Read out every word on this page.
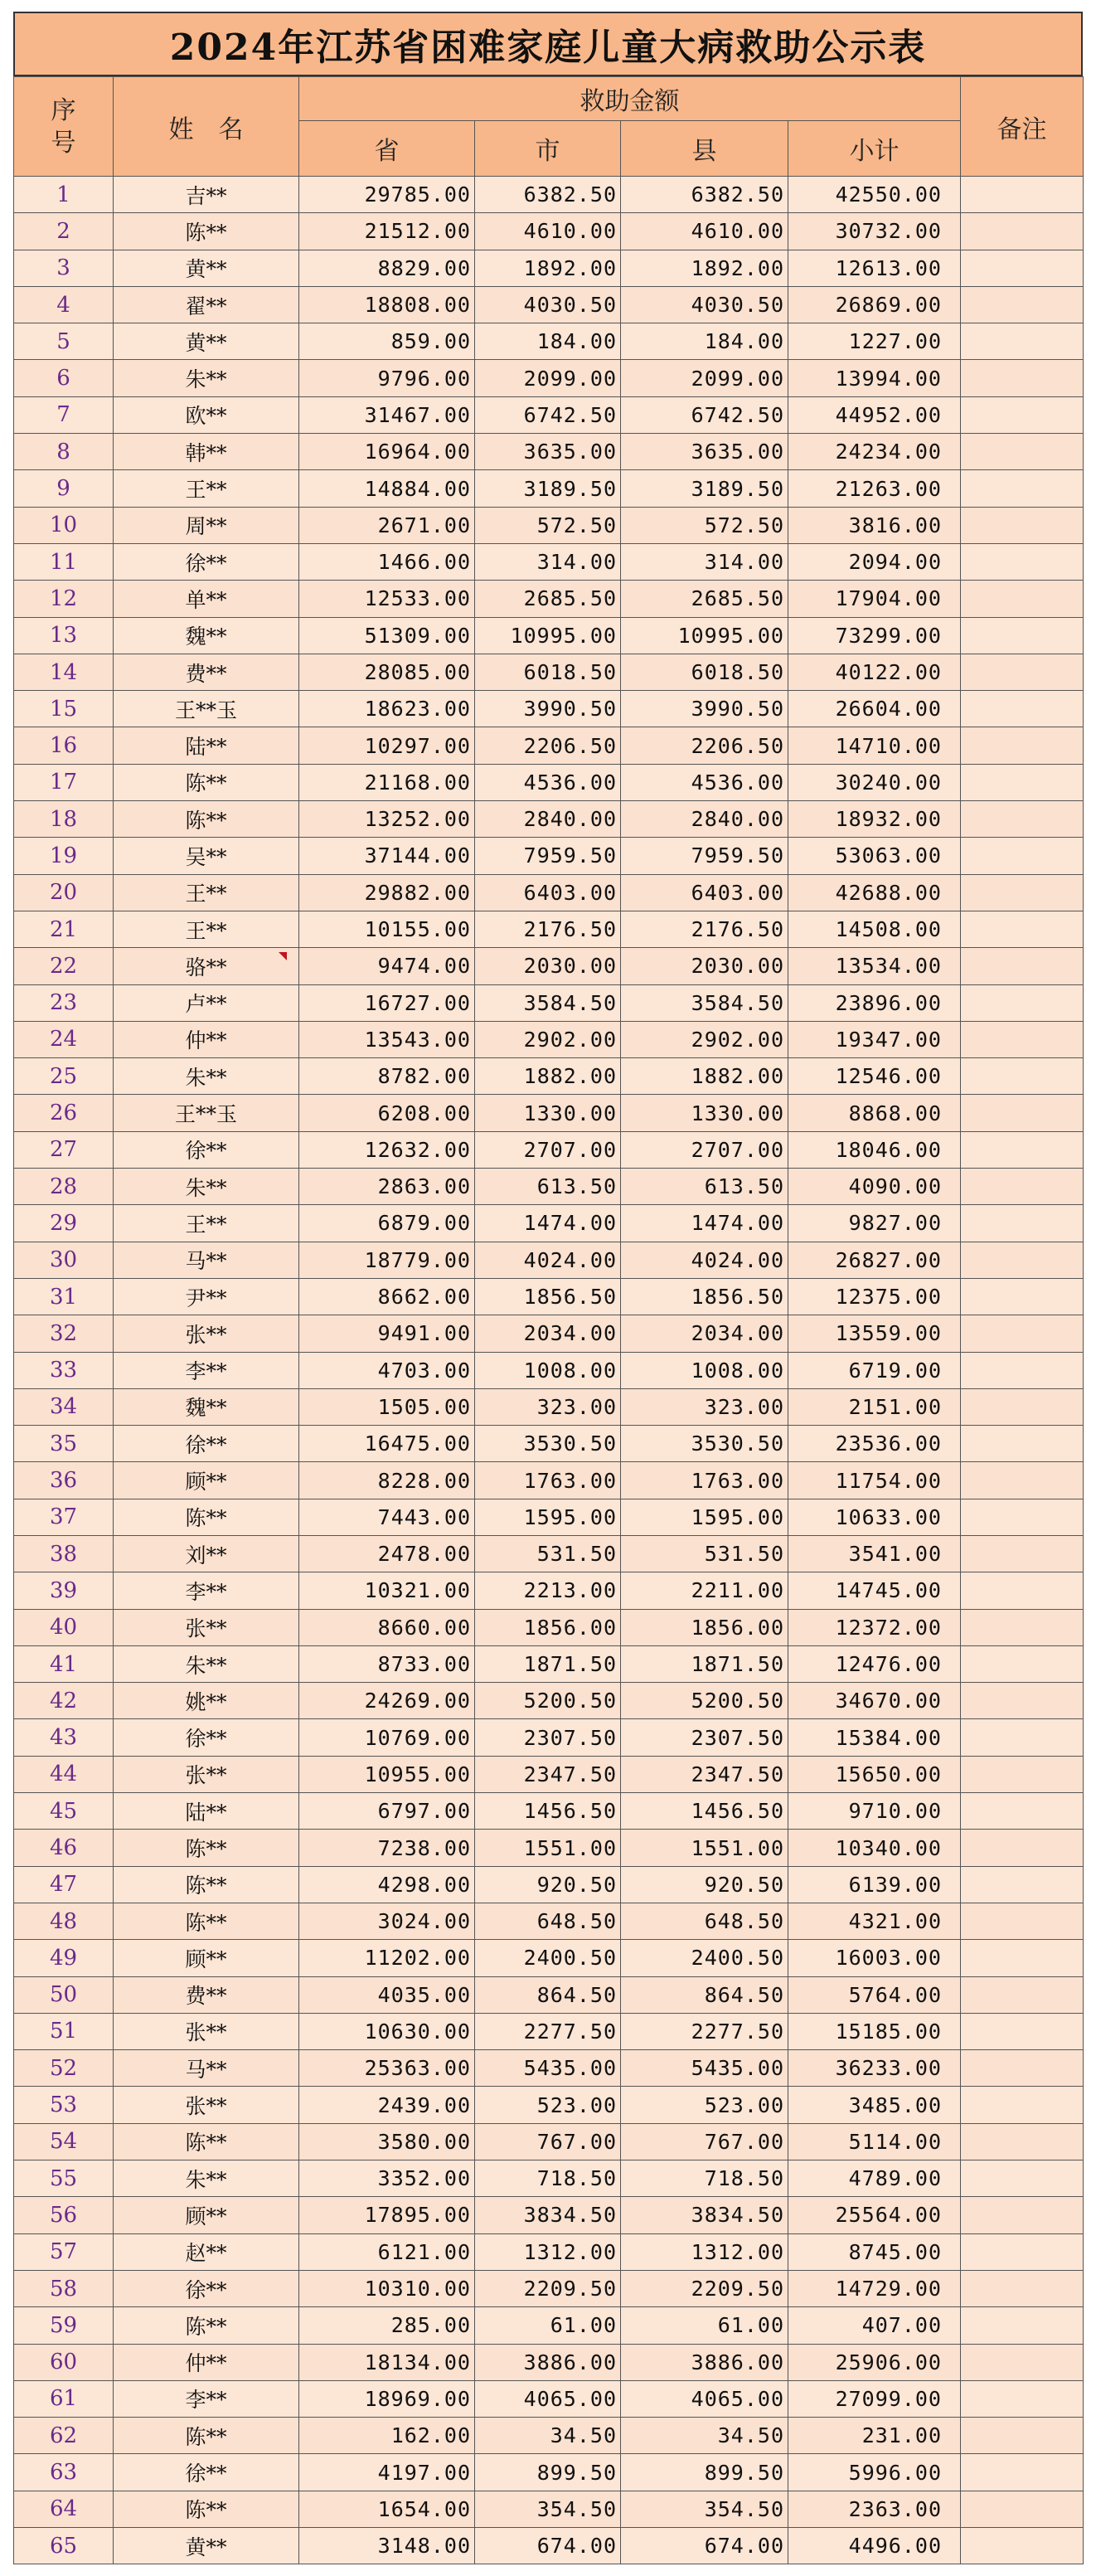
2024年江苏省困难家庭儿童大病救助公示表
序号	姓　名	救助金额				备注
		省	市	县	小计	
1	吉**	29785.00	6382.50	6382.50	42550.00	
2	陈**	21512.00	4610.00	4610.00	30732.00	
3	黄**	8829.00	1892.00	1892.00	12613.00	
4	翟**	18808.00	4030.50	4030.50	26869.00	
5	黄**	859.00	184.00	184.00	1227.00	
6	朱**	9796.00	2099.00	2099.00	13994.00	
7	欧**	31467.00	6742.50	6742.50	44952.00	
8	韩**	16964.00	3635.00	3635.00	24234.00	
9	王**	14884.00	3189.50	3189.50	21263.00	
10	周**	2671.00	572.50	572.50	3816.00	
11	徐**	1466.00	314.00	314.00	2094.00	
12	单**	12533.00	2685.50	2685.50	17904.00	
13	魏**	51309.00	10995.00	10995.00	73299.00	
14	费**	28085.00	6018.50	6018.50	40122.00	
15	王**玉	18623.00	3990.50	3990.50	26604.00	
16	陆**	10297.00	2206.50	2206.50	14710.00	
17	陈**	21168.00	4536.00	4536.00	30240.00	
18	陈**	13252.00	2840.00	2840.00	18932.00	
19	吴**	37144.00	7959.50	7959.50	53063.00	
20	王**	29882.00	6403.00	6403.00	42688.00	
21	王**	10155.00	2176.50	2176.50	14508.00	
22	骆**	9474.00	2030.00	2030.00	13534.00	
23	卢**	16727.00	3584.50	3584.50	23896.00	
24	仲**	13543.00	2902.00	2902.00	19347.00	
25	朱**	8782.00	1882.00	1882.00	12546.00	
26	王**玉	6208.00	1330.00	1330.00	8868.00	
27	徐**	12632.00	2707.00	2707.00	18046.00	
28	朱**	2863.00	613.50	613.50	4090.00	
29	王**	6879.00	1474.00	1474.00	9827.00	
30	马**	18779.00	4024.00	4024.00	26827.00	
31	尹**	8662.00	1856.50	1856.50	12375.00	
32	张**	9491.00	2034.00	2034.00	13559.00	
33	李**	4703.00	1008.00	1008.00	6719.00	
34	魏**	1505.00	323.00	323.00	2151.00	
35	徐**	16475.00	3530.50	3530.50	23536.00	
36	顾**	8228.00	1763.00	1763.00	11754.00	
37	陈**	7443.00	1595.00	1595.00	10633.00	
38	刘**	2478.00	531.50	531.50	3541.00	
39	李**	10321.00	2213.00	2211.00	14745.00	
40	张**	8660.00	1856.00	1856.00	12372.00	
41	朱**	8733.00	1871.50	1871.50	12476.00	
42	姚**	24269.00	5200.50	5200.50	34670.00	
43	徐**	10769.00	2307.50	2307.50	15384.00	
44	张**	10955.00	2347.50	2347.50	15650.00	
45	陆**	6797.00	1456.50	1456.50	9710.00	
46	陈**	7238.00	1551.00	1551.00	10340.00	
47	陈**	4298.00	920.50	920.50	6139.00	
48	陈**	3024.00	648.50	648.50	4321.00	
49	顾**	11202.00	2400.50	2400.50	16003.00	
50	费**	4035.00	864.50	864.50	5764.00	
51	张**	10630.00	2277.50	2277.50	15185.00	
52	马**	25363.00	5435.00	5435.00	36233.00	
53	张**	2439.00	523.00	523.00	3485.00	
54	陈**	3580.00	767.00	767.00	5114.00	
55	朱**	3352.00	718.50	718.50	4789.00	
56	顾**	17895.00	3834.50	3834.50	25564.00	
57	赵**	6121.00	1312.00	1312.00	8745.00	
58	徐**	10310.00	2209.50	2209.50	14729.00	
59	陈**	285.00	61.00	61.00	407.00	
60	仲**	18134.00	3886.00	3886.00	25906.00	
61	李**	18969.00	4065.00	4065.00	27099.00	
62	陈**	162.00	34.50	34.50	231.00	
63	徐**	4197.00	899.50	899.50	5996.00	
64	陈**	1654.00	354.50	354.50	2363.00	
65	黄**	3148.00	674.00	674.00	4496.00	
